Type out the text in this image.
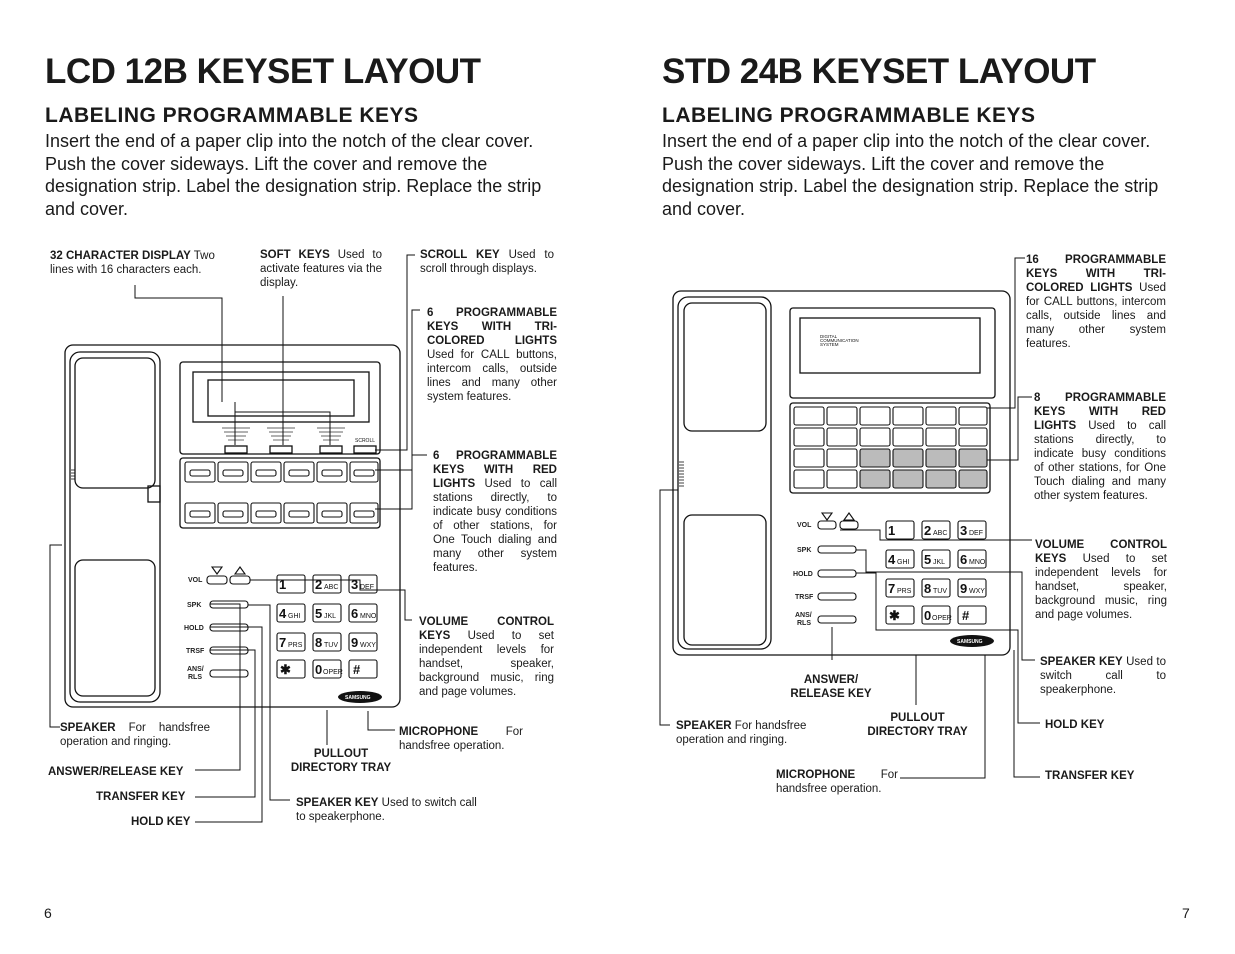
LCD 12B KEYSET LAYOUT
LABELING PROGRAMMABLE KEYS
Insert the end of a paper clip into the notch of the clear cover. Push the cover sideways. Lift the cover and remove the designation strip. Label the designation strip. Replace the strip and cover.
SCROLL
VOL
SPK
HOLD
TRSF
ANS/
RLS
1 2 ABC 3 DEF
4 GHI 5 JKL 6 MNO
7 PRS 8 TUV 9 WXY
✱ 0 OPER #
SAMSUNG
32 CHARACTER DISPLAY Two lines with 16 characters each.
SOFT KEYS Used to activate features via the display.
SCROLL KEY Used to scroll through displays.
6 PROGRAMMABLE KEYS WITH TRI-COLORED LIGHTS Used for CALL buttons, intercom calls, outside lines and many other system features.
6 PROGRAMMABLE KEYS WITH RED LIGHTS Used to call stations directly, to indicate busy conditions of other stations, for One Touch dialing and many other system features.
VOLUME CONTROL KEYS Used to set independent levels for handset, speaker, background music, ring and page volumes.
SPEAKER For handsfree operation and ringing.
MICROPHONE For handsfree operation.
PULLOUT DIRECTORY TRAY
ANSWER/RELEASE KEY
TRANSFER KEY
HOLD KEY
SPEAKER KEY Used to switch call to speakerphone.
6
STD 24B KEYSET LAYOUT
LABELING PROGRAMMABLE KEYS
Insert the end of a paper clip into the notch of the clear cover. Push the cover sideways. Lift the cover and remove the designation strip. Label the designation strip. Replace the strip and cover.
DIGITAL
COMMUNICATION
SYSTEM
VOL
SPK
HOLD
TRSF
ANS/
RLS
1 2 ABC 3 DEF
4 GHI 5 JKL 6 MNO
7 PRS 8 TUV 9 WXY
✱ 0 OPER #
SAMSUNG
16 PROGRAMMABLE KEYS WITH TRI-COLORED LIGHTS Used for CALL buttons, intercom calls, outside lines and many other system features.
8 PROGRAMMABLE KEYS WITH RED LIGHTS Used to call stations directly, to indicate busy conditions of other stations, for One Touch dialing and many other system features.
VOLUME CONTROL KEYS Used to set independent levels for handset, speaker, background music, ring and page volumes.
SPEAKER KEY Used to switch call to speakerphone.
HOLD KEY
TRANSFER KEY
ANSWER/ RELEASE KEY
PULLOUT DIRECTORY TRAY
SPEAKER For handsfree operation and ringing.
MICROPHONE For handsfree operation.
7
